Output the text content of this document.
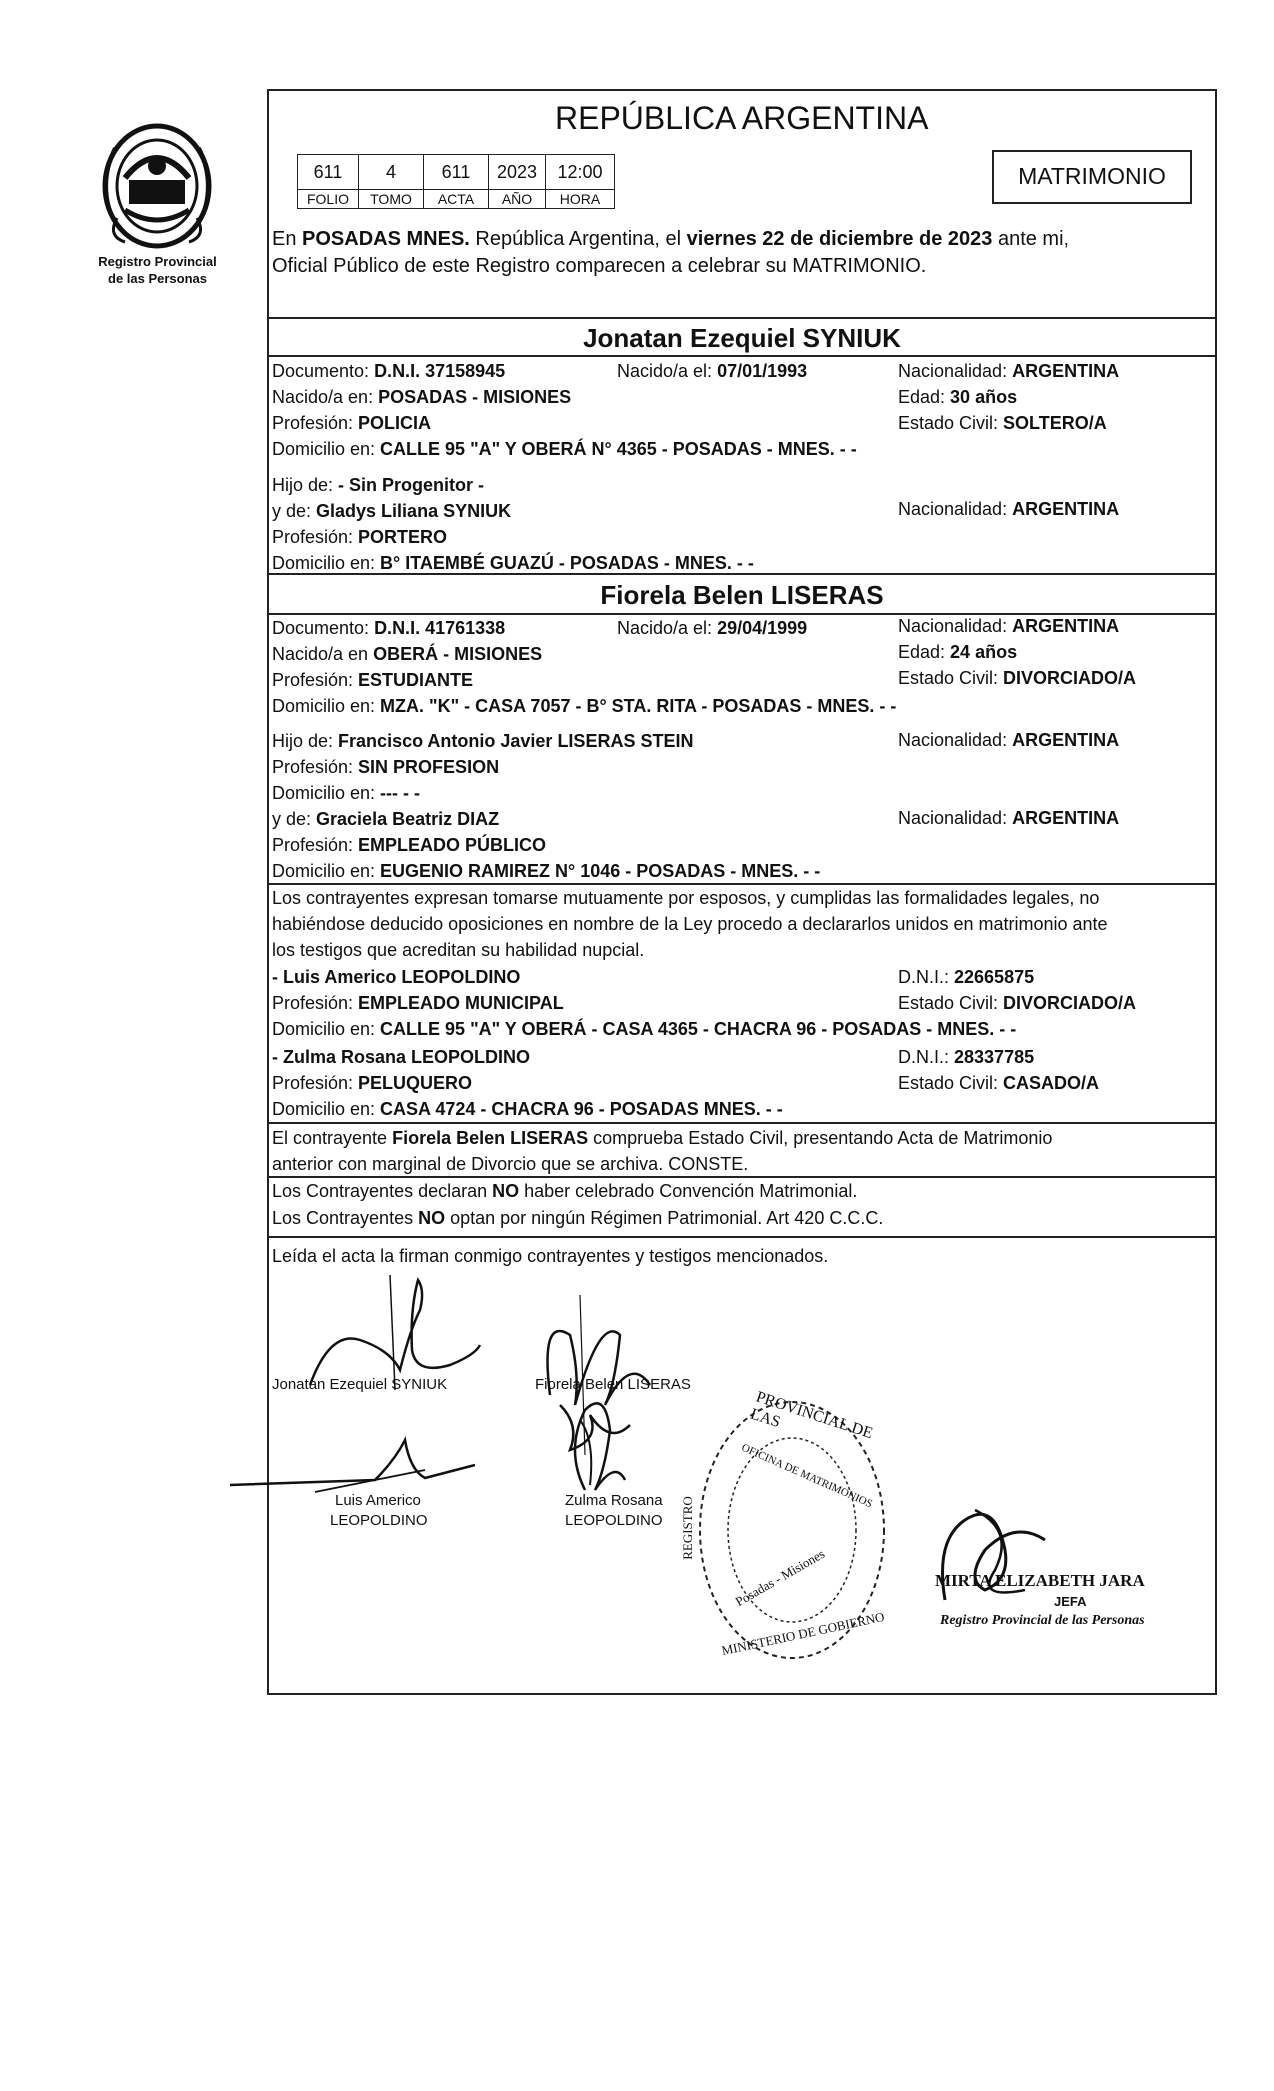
Registro Provincial
de las Personas
REPÚBLICA ARGENTINA
MATRIMONIO
611	4	611	2023	12:00
FOLIO	TOMO	ACTA	AÑO	HORA
En POSADAS MNES. República Argentina, el viernes 22 de diciembre de 2023 ante mi,
Oficial Público de este Registro comparecen a celebrar su MATRIMONIO.
Jonatan Ezequiel SYNIUK
Documento: D.N.I. 37158945	Nacido/a el: 07/01/1993	Nacionalidad: ARGENTINA
Nacido/a en: POSADAS - MISIONES	Edad: 30 años
Profesión: POLICIA	Estado Civil: SOLTERO/A
Domicilio en: CALLE 95 "A" Y OBERÁ N° 4365 - POSADAS - MNES. - -
Hijo de: - Sin Progenitor -
y de: Gladys Liliana SYNIUK	Nacionalidad: ARGENTINA
Profesión: PORTERO
Domicilio en: B° ITAEMBÉ GUAZÚ - POSADAS - MNES. - -
Fiorela Belen LISERAS
Documento: D.N.I. 41761338	Nacido/a el: 29/04/1999	Nacionalidad: ARGENTINA
Nacido/a en OBERÁ - MISIONES	Edad: 24 años
Profesión: ESTUDIANTE	Estado Civil: DIVORCIADO/A
Domicilio en: MZA. "K" - CASA 7057 - B° STA. RITA - POSADAS - MNES. - -
Hijo de: Francisco Antonio Javier LISERAS STEIN	Nacionalidad: ARGENTINA
Profesión: SIN PROFESION
Domicilio en: --- - -
y de: Graciela Beatriz DIAZ	Nacionalidad: ARGENTINA
Profesión: EMPLEADO PÚBLICO
Domicilio en: EUGENIO RAMIREZ N° 1046 - POSADAS - MNES. - -
Los contrayentes expresan tomarse mutuamente por esposos, y cumplidas las formalidades legales, no
habiéndose deducido oposiciones en nombre de la Ley procedo a declararlos unidos en matrimonio ante
los testigos que acreditan su habilidad nupcial.
- Luis Americo LEOPOLDINO	D.N.I.: 22665875
Profesión: EMPLEADO MUNICIPAL	Estado Civil: DIVORCIADO/A
Domicilio en: CALLE 95 "A" Y OBERÁ - CASA 4365 - CHACRA 96 - POSADAS - MNES. - -
- Zulma Rosana LEOPOLDINO	D.N.I.: 28337785
Profesión: PELUQUERO	Estado Civil: CASADO/A
Domicilio en: CASA 4724 - CHACRA 96 - POSADAS MNES. - -
El contrayente Fiorela Belen LISERAS comprueba Estado Civil, presentando Acta de Matrimonio
anterior con marginal de Divorcio que se archiva. CONSTE.
Los Contrayentes declaran NO haber celebrado Convención Matrimonial.
Los Contrayentes NO optan por ningún Régimen Patrimonial. Art 420 C.C.C.
Leída el acta la firman conmigo contrayentes y testigos mencionados.
Jonatan Ezequiel SYNIUK	Fiorela Belen LISERAS
Luis Americo
LEOPOLDINO
Zulma Rosana
LEOPOLDINO
PROVINCIAL DE LAS
REGISTRO
OFICINA DE MATRIMONIOS
Posadas - Misiones
MINISTERIO DE GOBIERNO
MIRTA ELIZABETH JARA
JEFA
Registro Provincial de las Personas
